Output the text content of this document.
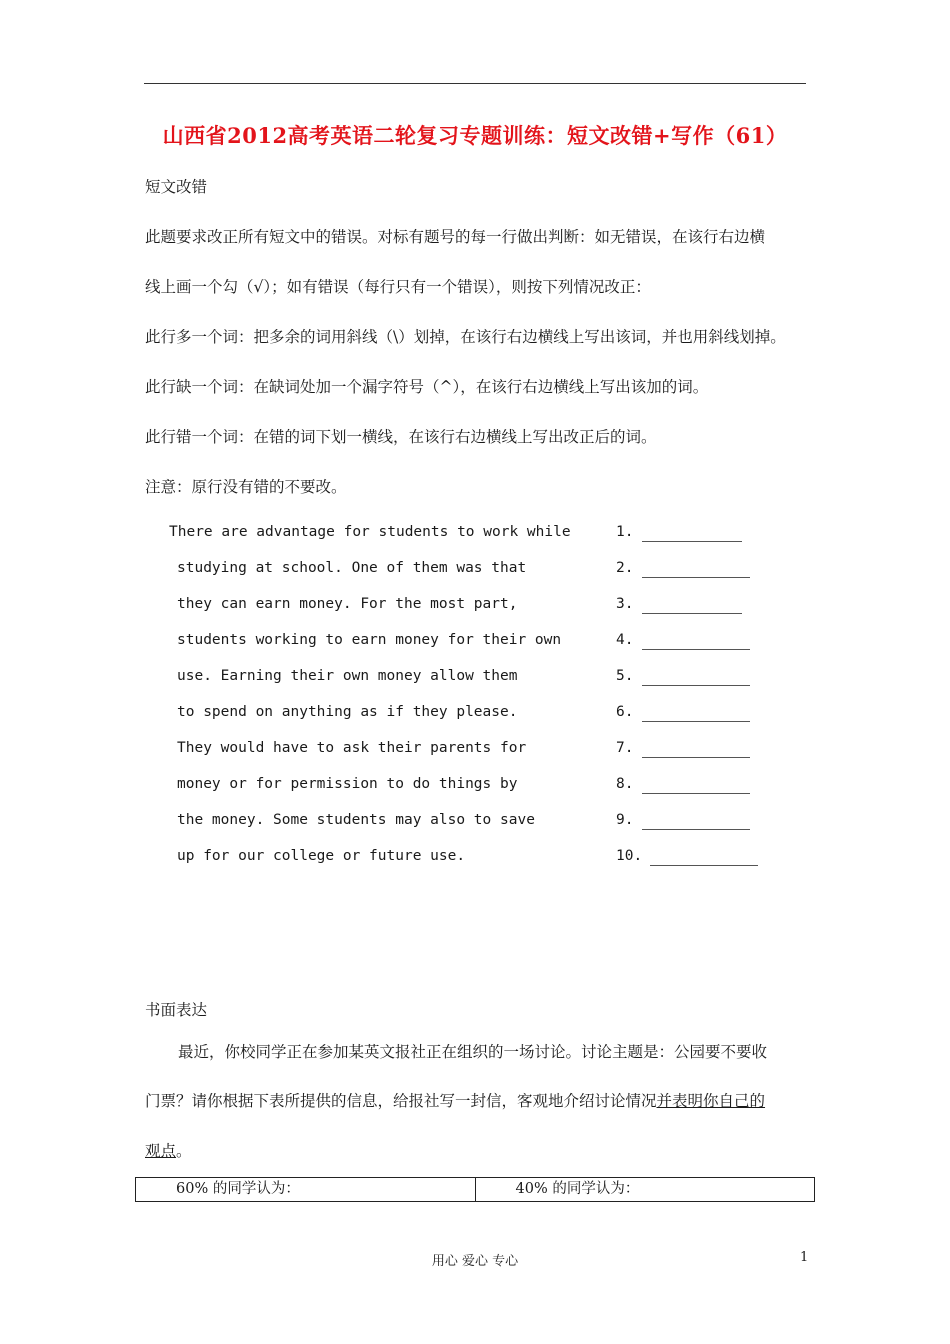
山西省2012高考英语二轮复习专题训练：短文改错+写作（61）
短文改错
此题要求改正所有短文中的错误。对标有题号的每一行做出判断：如无错误，在该行右边横
线上画一个勾（√）；如有错误（每行只有一个错误），则按下列情况改正：
此行多一个词：把多余的词用斜线（\）划掉，在该行右边横线上写出该词，并也用斜线划掉。
此行缺一个词：在缺词处加一个漏字符号（^），在该行右边横线上写出该加的词。
此行错一个词：在错的词下划一横线，在该行右边横线上写出改正后的词。
注意：原行没有错的不要改。
There are advantage for students to work while	1.
studying at school. One of them was that	2.
they can earn money. For the most part,	3.
students working to earn money for their own	4.
use. Earning their own money allow them	5.
to spend on anything as if they please.	6.
They would have to ask their parents for	7.
money or for permission to do things by	8.
the money. Some students may also to save	9.
up for our college or future use.	10.
书面表达
最近，你校同学正在参加某英文报社正在组织的一场讨论。讨论主题是：公园要不要收
门票？请你根据下表所提供的信息，给报社写一封信，客观地介绍讨论情况并表明你自己的
观点。
60% 的同学认为：	40% 的同学认为：
用心 爱心 专心	1
